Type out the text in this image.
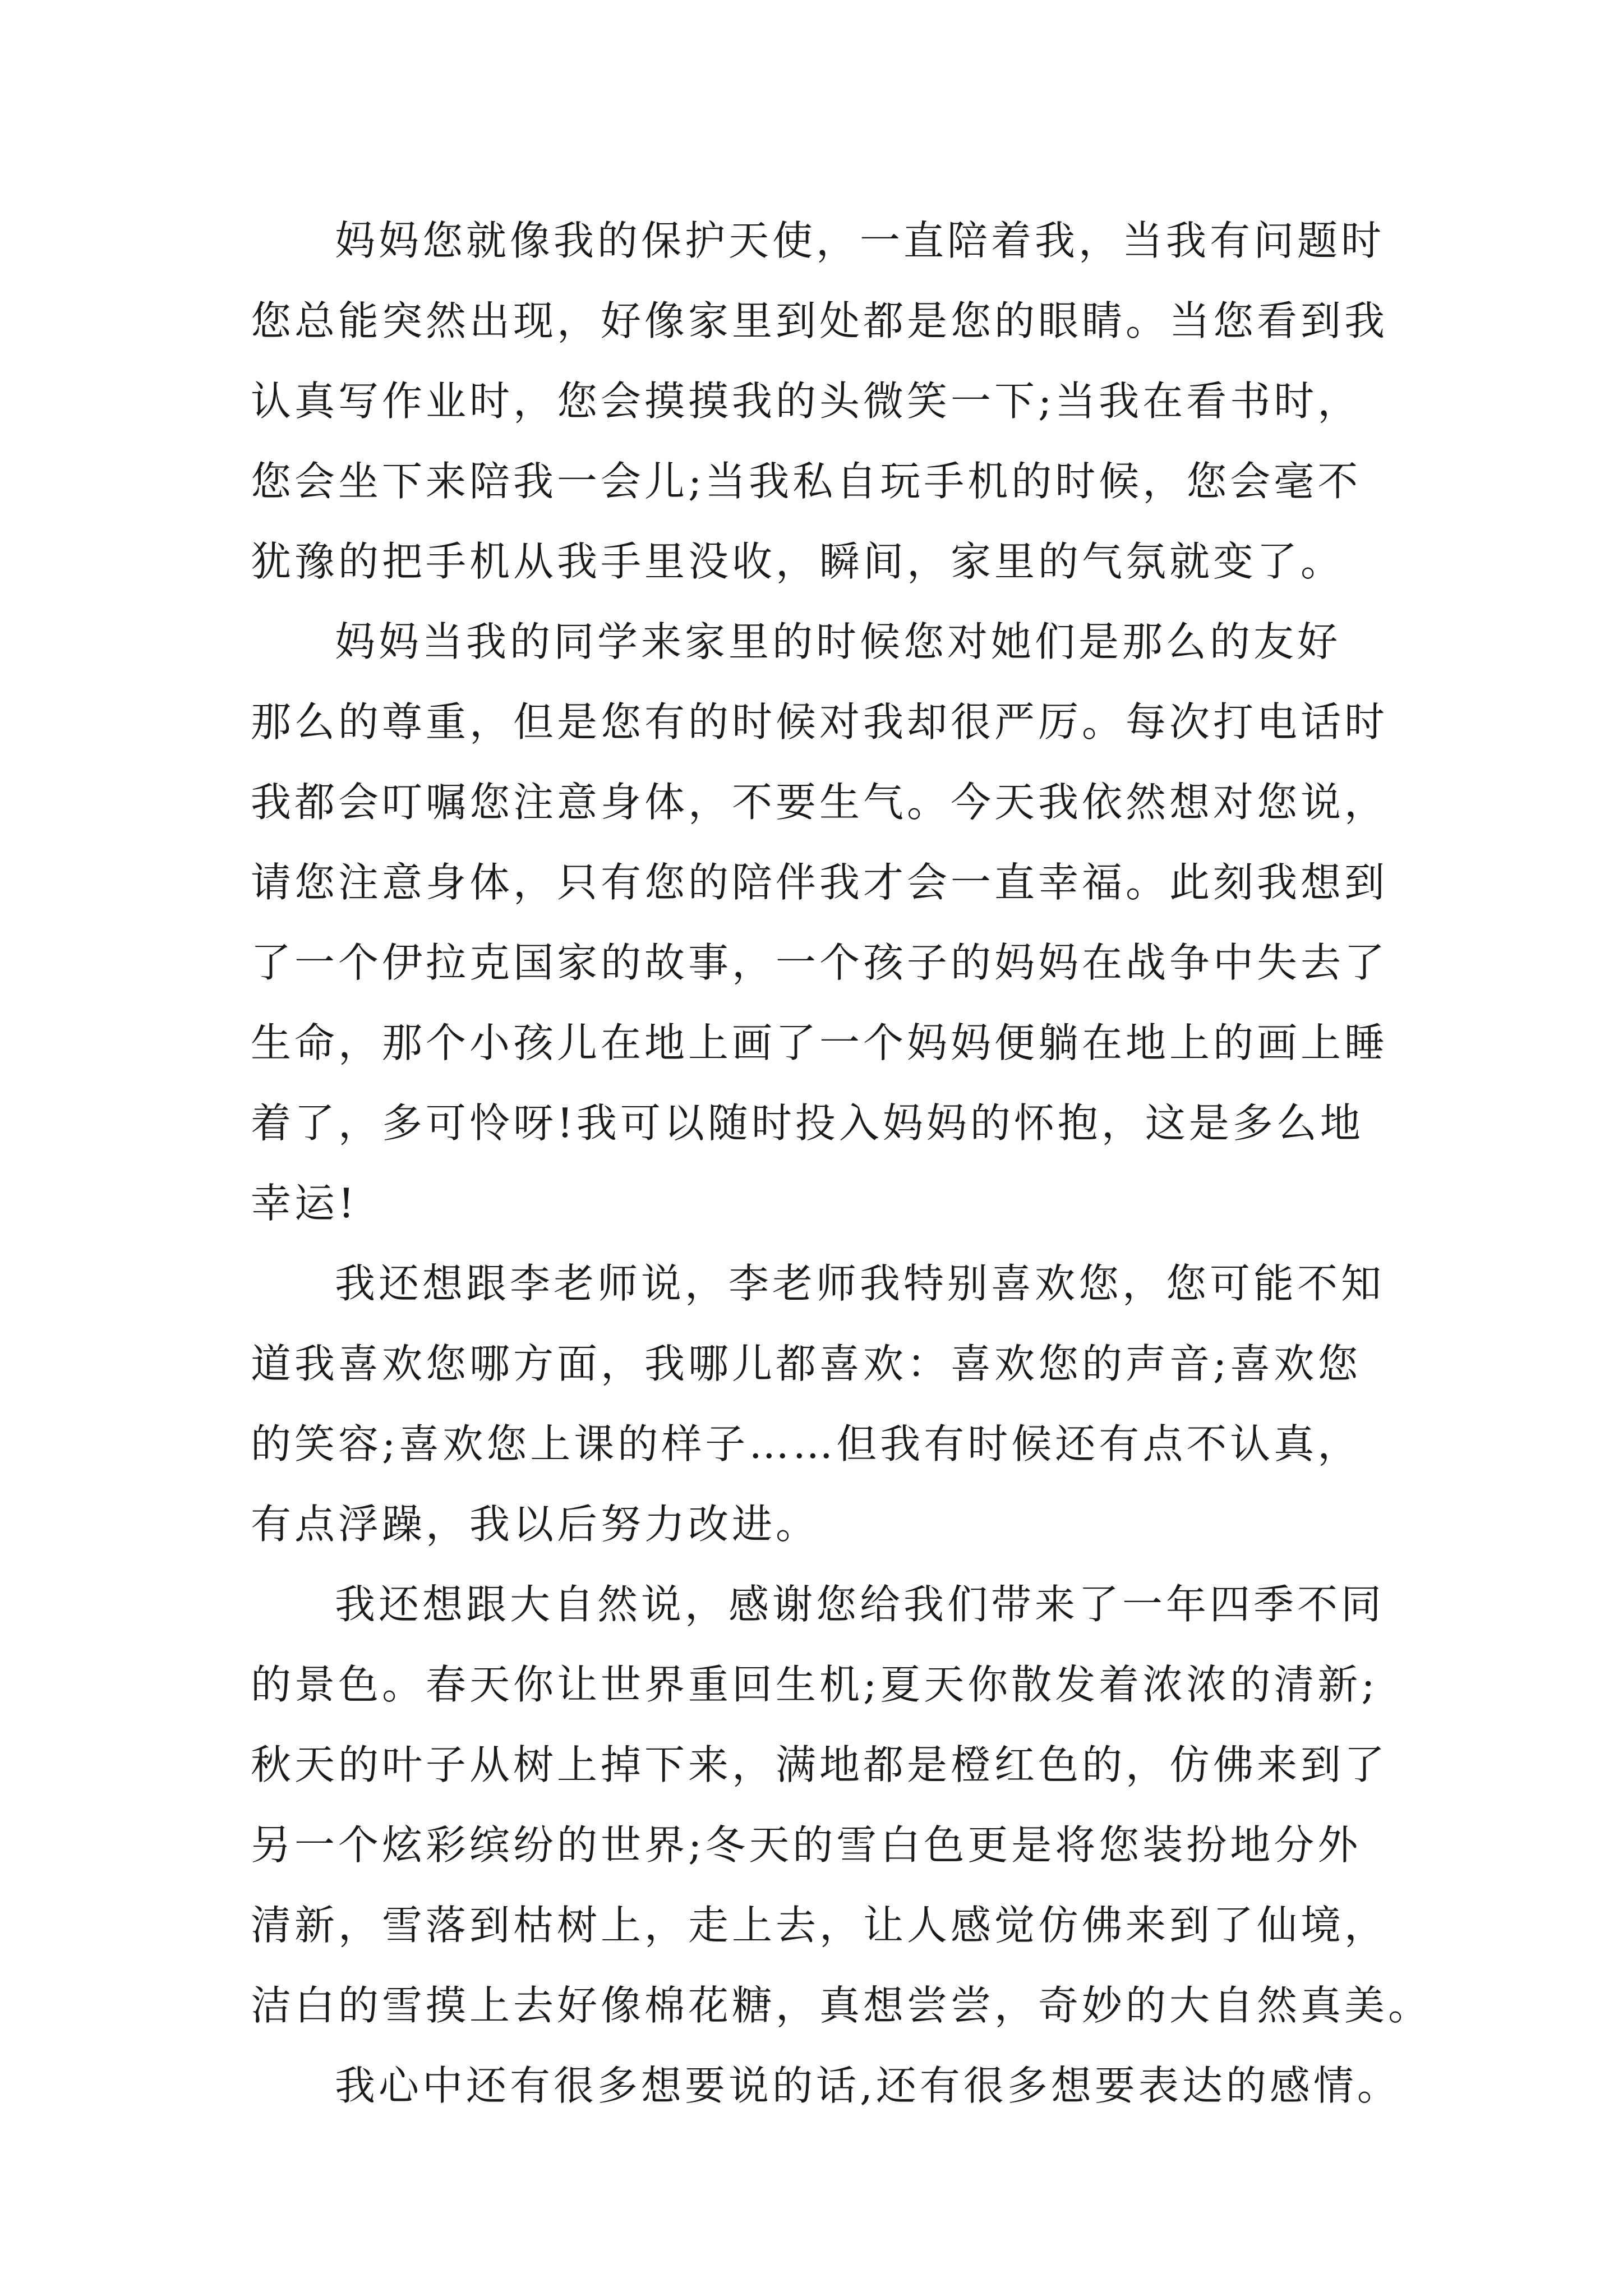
妈妈您就像我的保护天使，一直陪着我，当我有问题时
您总能突然出现，好像家里到处都是您的眼睛。当您看到我
认真写作业时，您会摸摸我的头微笑一下;当我在看书时，
您会坐下来陪我一会儿;当我私自玩手机的时候，您会毫不
犹豫的把手机从我手里没收，瞬间，家里的气氛就变了。
妈妈当我的同学来家里的时候您对她们是那么的友好
那么的尊重，但是您有的时候对我却很严厉。每次打电话时
我都会叮嘱您注意身体，不要生气。今天我依然想对您说，
请您注意身体，只有您的陪伴我才会一直幸福。此刻我想到
了一个伊拉克国家的故事，一个孩子的妈妈在战争中失去了
生命，那个小孩儿在地上画了一个妈妈便躺在地上的画上睡
着了，多可怜呀!我可以随时投入妈妈的怀抱，这是多么地
幸运!
我还想跟李老师说，李老师我特别喜欢您，您可能不知
道我喜欢您哪方面，我哪儿都喜欢：喜欢您的声音;喜欢您
的笑容;喜欢您上课的样子……但我有时候还有点不认真，
有点浮躁，我以后努力改进。
我还想跟大自然说，感谢您给我们带来了一年四季不同
的景色。春天你让世界重回生机;夏天你散发着浓浓的清新;
秋天的叶子从树上掉下来，满地都是橙红色的，仿佛来到了
另一个炫彩缤纷的世界;冬天的雪白色更是将您装扮地分外
清新，雪落到枯树上，走上去，让人感觉仿佛来到了仙境，
洁白的雪摸上去好像棉花糖，真想尝尝，奇妙的大自然真美。
我心中还有很多想要说的话,还有很多想要表达的感情。
